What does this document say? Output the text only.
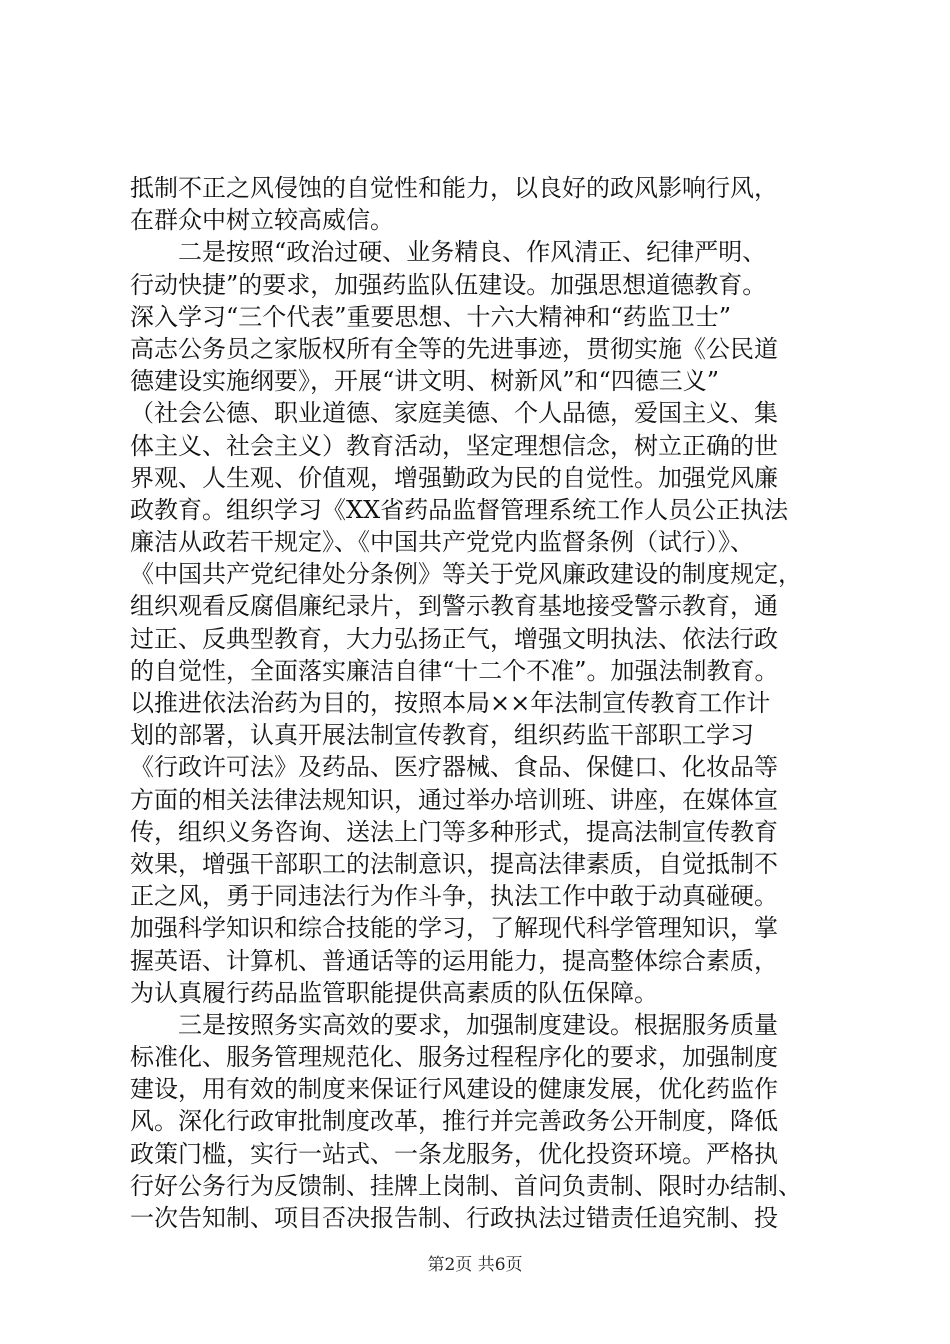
抵制不正之风侵蚀的自觉性和能力，以良好的政风影响行风，
在群众中树立较高威信。
　　二是按照“政治过硬、业务精良、作风清正、纪律严明、
行动快捷”的要求，加强药监队伍建设。加强思想道德教育。
深入学习“三个代表”重要思想、十六大精神和“药监卫士”
高志公务员之家版权所有全等的先进事迹，贯彻实施《公民道
德建设实施纲要》，开展“讲文明、树新风”和“四德三义”
（社会公德、职业道德、家庭美德、个人品德，爱国主义、集
体主义、社会主义）教育活动，坚定理想信念，树立正确的世
界观、人生观、价值观，增强勤政为民的自觉性。加强党风廉
政教育。组织学习《XX省药品监督管理系统工作人员公正执法
廉洁从政若干规定》、《中国共产党党内监督条例（试行）》、
《中国共产党纪律处分条例》等关于党风廉政建设的制度规定，
组织观看反腐倡廉纪录片，到警示教育基地接受警示教育，通
过正、反典型教育，大力弘扬正气，增强文明执法、依法行政
的自觉性，全面落实廉洁自律“十二个不准”。加强法制教育。
以推进依法治药为目的，按照本局××年法制宣传教育工作计
划的部署，认真开展法制宣传教育，组织药监干部职工学习
《行政许可法》及药品、医疗器械、食品、保健口、化妆品等
方面的相关法律法规知识，通过举办培训班、讲座，在媒体宣
传，组织义务咨询、送法上门等多种形式，提高法制宣传教育
效果，增强干部职工的法制意识，提高法律素质，自觉抵制不
正之风，勇于同违法行为作斗争，执法工作中敢于动真碰硬。
加强科学知识和综合技能的学习，了解现代科学管理知识，掌
握英语、计算机、普通话等的运用能力，提高整体综合素质，
为认真履行药品监管职能提供高素质的队伍保障。
　　三是按照务实高效的要求，加强制度建设。根据服务质量
标准化、服务管理规范化、服务过程程序化的要求，加强制度
建设，用有效的制度来保证行风建设的健康发展，优化药监作
风。深化行政审批制度改革，推行并完善政务公开制度，降低
政策门槛，实行一站式、一条龙服务，优化投资环境。严格执
行好公务行为反馈制、挂牌上岗制、首问负责制、限时办结制、
一次告知制、项目否决报告制、行政执法过错责任追究制、投
第2页 共6页
